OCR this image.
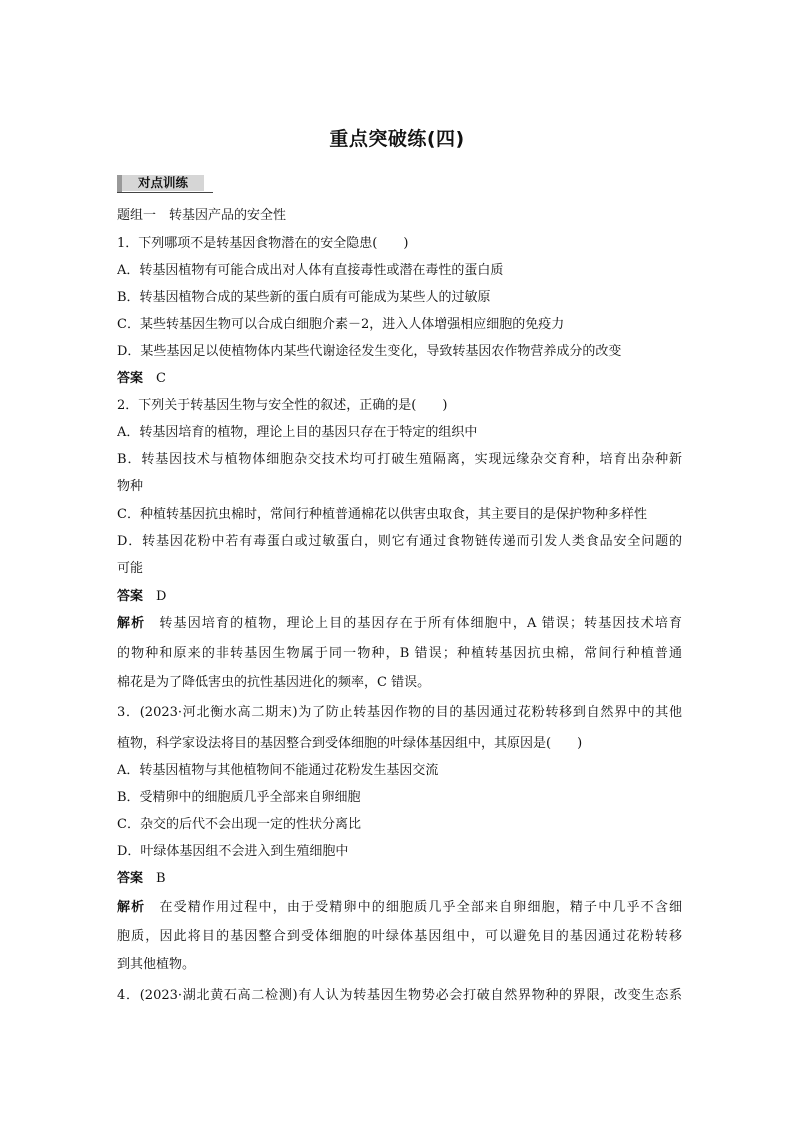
重点突破练(四)
对点训练
题组一　转基因产品的安全性
1．下列哪项不是转基因食物潜在的安全隐患(　　)
A．转基因植物有可能合成出对人体有直接毒性或潜在毒性的蛋白质
B．转基因植物合成的某些新的蛋白质有可能成为某些人的过敏原
C．某些转基因生物可以合成白细胞介素－2，进入人体增强相应细胞的免疫力
D．某些基因足以使植物体内某些代谢途径发生变化，导致转基因农作物营养成分的改变
答案　C
2．下列关于转基因生物与安全性的叙述，正确的是(　　)
A．转基因培育的植物，理论上目的基因只存在于特定的组织中
B．转基因技术与植物体细胞杂交技术均可打破生殖隔离，实现远缘杂交育种，培育出杂种新
物种
C．种植转基因抗虫棉时，常间行种植普通棉花以供害虫取食，其主要目的是保护物种多样性
D．转基因花粉中若有毒蛋白或过敏蛋白，则它有通过食物链传递而引发人类食品安全问题的
可能
答案　D
解析　转基因培育的植物，理论上目的基因存在于所有体细胞中，A 错误；转基因技术培育
的物种和原来的非转基因生物属于同一物种，B 错误；种植转基因抗虫棉，常间行种植普通
棉花是为了降低害虫的抗性基因进化的频率，C 错误。
3．(2023·河北衡水高二期末)为了防止转基因作物的目的基因通过花粉转移到自然界中的其他
植物，科学家设法将目的基因整合到受体细胞的叶绿体基因组中，其原因是(　　)
A．转基因植物与其他植物间不能通过花粉发生基因交流
B．受精卵中的细胞质几乎全部来自卵细胞
C．杂交的后代不会出现一定的性状分离比
D．叶绿体基因组不会进入到生殖细胞中
答案　B
解析　在受精作用过程中，由于受精卵中的细胞质几乎全部来自卵细胞，精子中几乎不含细
胞质，因此将目的基因整合到受体细胞的叶绿体基因组中，可以避免目的基因通过花粉转移
到其他植物。
4．(2023·湖北黄石高二检测)有人认为转基因生物势必会打破自然界物种的界限，改变生态系
